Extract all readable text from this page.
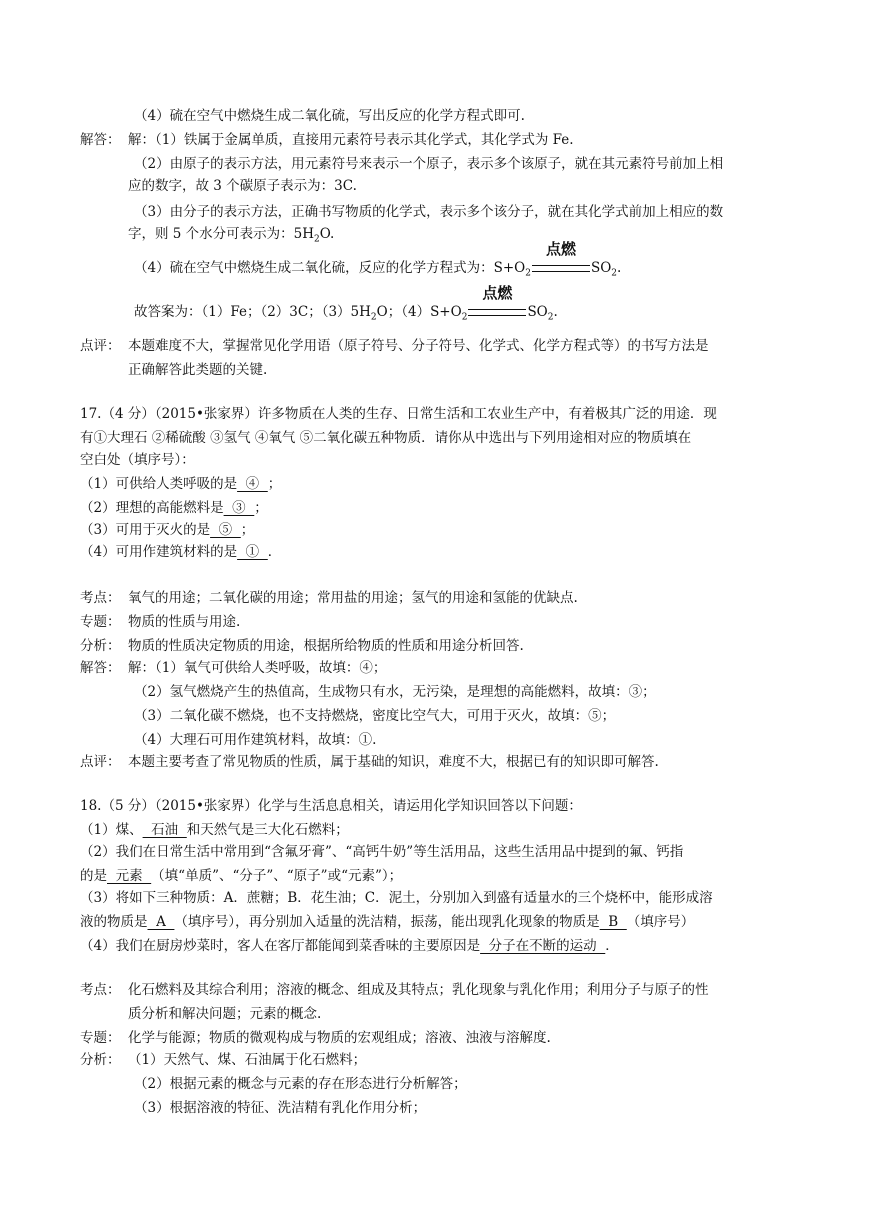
（4）硫在空气中燃烧生成二氧化硫，写出反应的化学方程式即可.
解答： 解：（1）铁属于金属单质，直接用元素符号表示其化学式，其化学式为 Fe.
（2）由原子的表示方法，用元素符号来表示一个原子，表示多个该原子，就在其元素符号前加上相
应的数字，故 3 个碳原子表示为：3C.
（3）由分子的表示方法，正确书写物质的化学式，表示多个该分子，就在其化学式前加上相应的数
字，则 5 个水分可表示为：$5H_2O$.
（4）硫在空气中燃烧生成二氧化硫，反应的化学方程式为：$S+O_2$
点燃
$SO_2$.
故答案为：（1）Fe；（2）3C；$(3)5H_2O$；$(4)S+O_2$
点燃
$SO_2$.
点评： 本题难度不大，掌握常见化学用语（原子符号、分子符号、化学式、化学方程式等）的书写方法是
正确解答此类题的关键.
17.（4 分）（2015•张家界）许多物质在人类的生存、日常生活和工农业生产中，有着极其广泛的用途．现
有①大理石 ②稀硫酸 ③氢气 ④氧气 ⑤二氧化碳五种物质．请你从中选出与下列用途相对应的物质填在
空白处（填序号）：
（1）可供给人类呼吸的是  ④  ；
（2）理想的高能燃料是  ③  ；
（3）可用于灭火的是  ⑤  ；
（4）可用作建筑材料的是  ①  ．
考点： 氧气的用途；二氧化碳的用途；常用盐的用途；氢气的用途和氢能的优缺点.
专题： 物质的性质与用途.
分析： 物质的性质决定物质的用途，根据所给物质的性质和用途分析回答.
解答： 解：（1）氧气可供给人类呼吸，故填：④；
（2）氢气燃烧产生的热值高，生成物只有水，无污染，是理想的高能燃料，故填：③；
（3）二氧化碳不燃烧，也不支持燃烧，密度比空气大，可用于灭火，故填：⑤；
（4）大理石可用作建筑材料，故填：①.
点评： 本题主要考查了常见物质的性质，属于基础的知识，难度不大，根据已有的知识即可解答.
18.（5 分）（2015•张家界）化学与生活息息相关，请运用化学知识回答以下问题：
（1）煤、  石油  和天然气是三大化石燃料；
（2）我们在日常生活中常用到“含氟牙膏”、“高钙牛奶”等生活用品，这些生活用品中提到的氟、钙指
的是  元素  （填“单质”、“分子”、“原子”或“元素”）；
（3）将如下三种物质：A．蔗糖；B．花生油；C．泥土，分别加入到盛有适量水的三个烧杯中，能形成溶
液的物质是  A  （填序号），再分别加入适量的洗洁精，振荡，能出现乳化现象的物质是  B  （填序号）
（4）我们在厨房炒菜时，客人在客厅都能闻到菜香味的主要原因是  分子在不断的运动  ．
考点： 化石燃料及其综合利用；溶液的概念、组成及其特点；乳化现象与乳化作用；利用分子与原子的性
质分析和解决问题；元素的概念.
专题： 化学与能源；物质的微观构成与物质的宏观组成；溶液、浊液与溶解度.
分析： （1）天然气、煤、石油属于化石燃料；
（2）根据元素的概念与元素的存在形态进行分析解答；
（3）根据溶液的特征、洗洁精有乳化作用分析；
